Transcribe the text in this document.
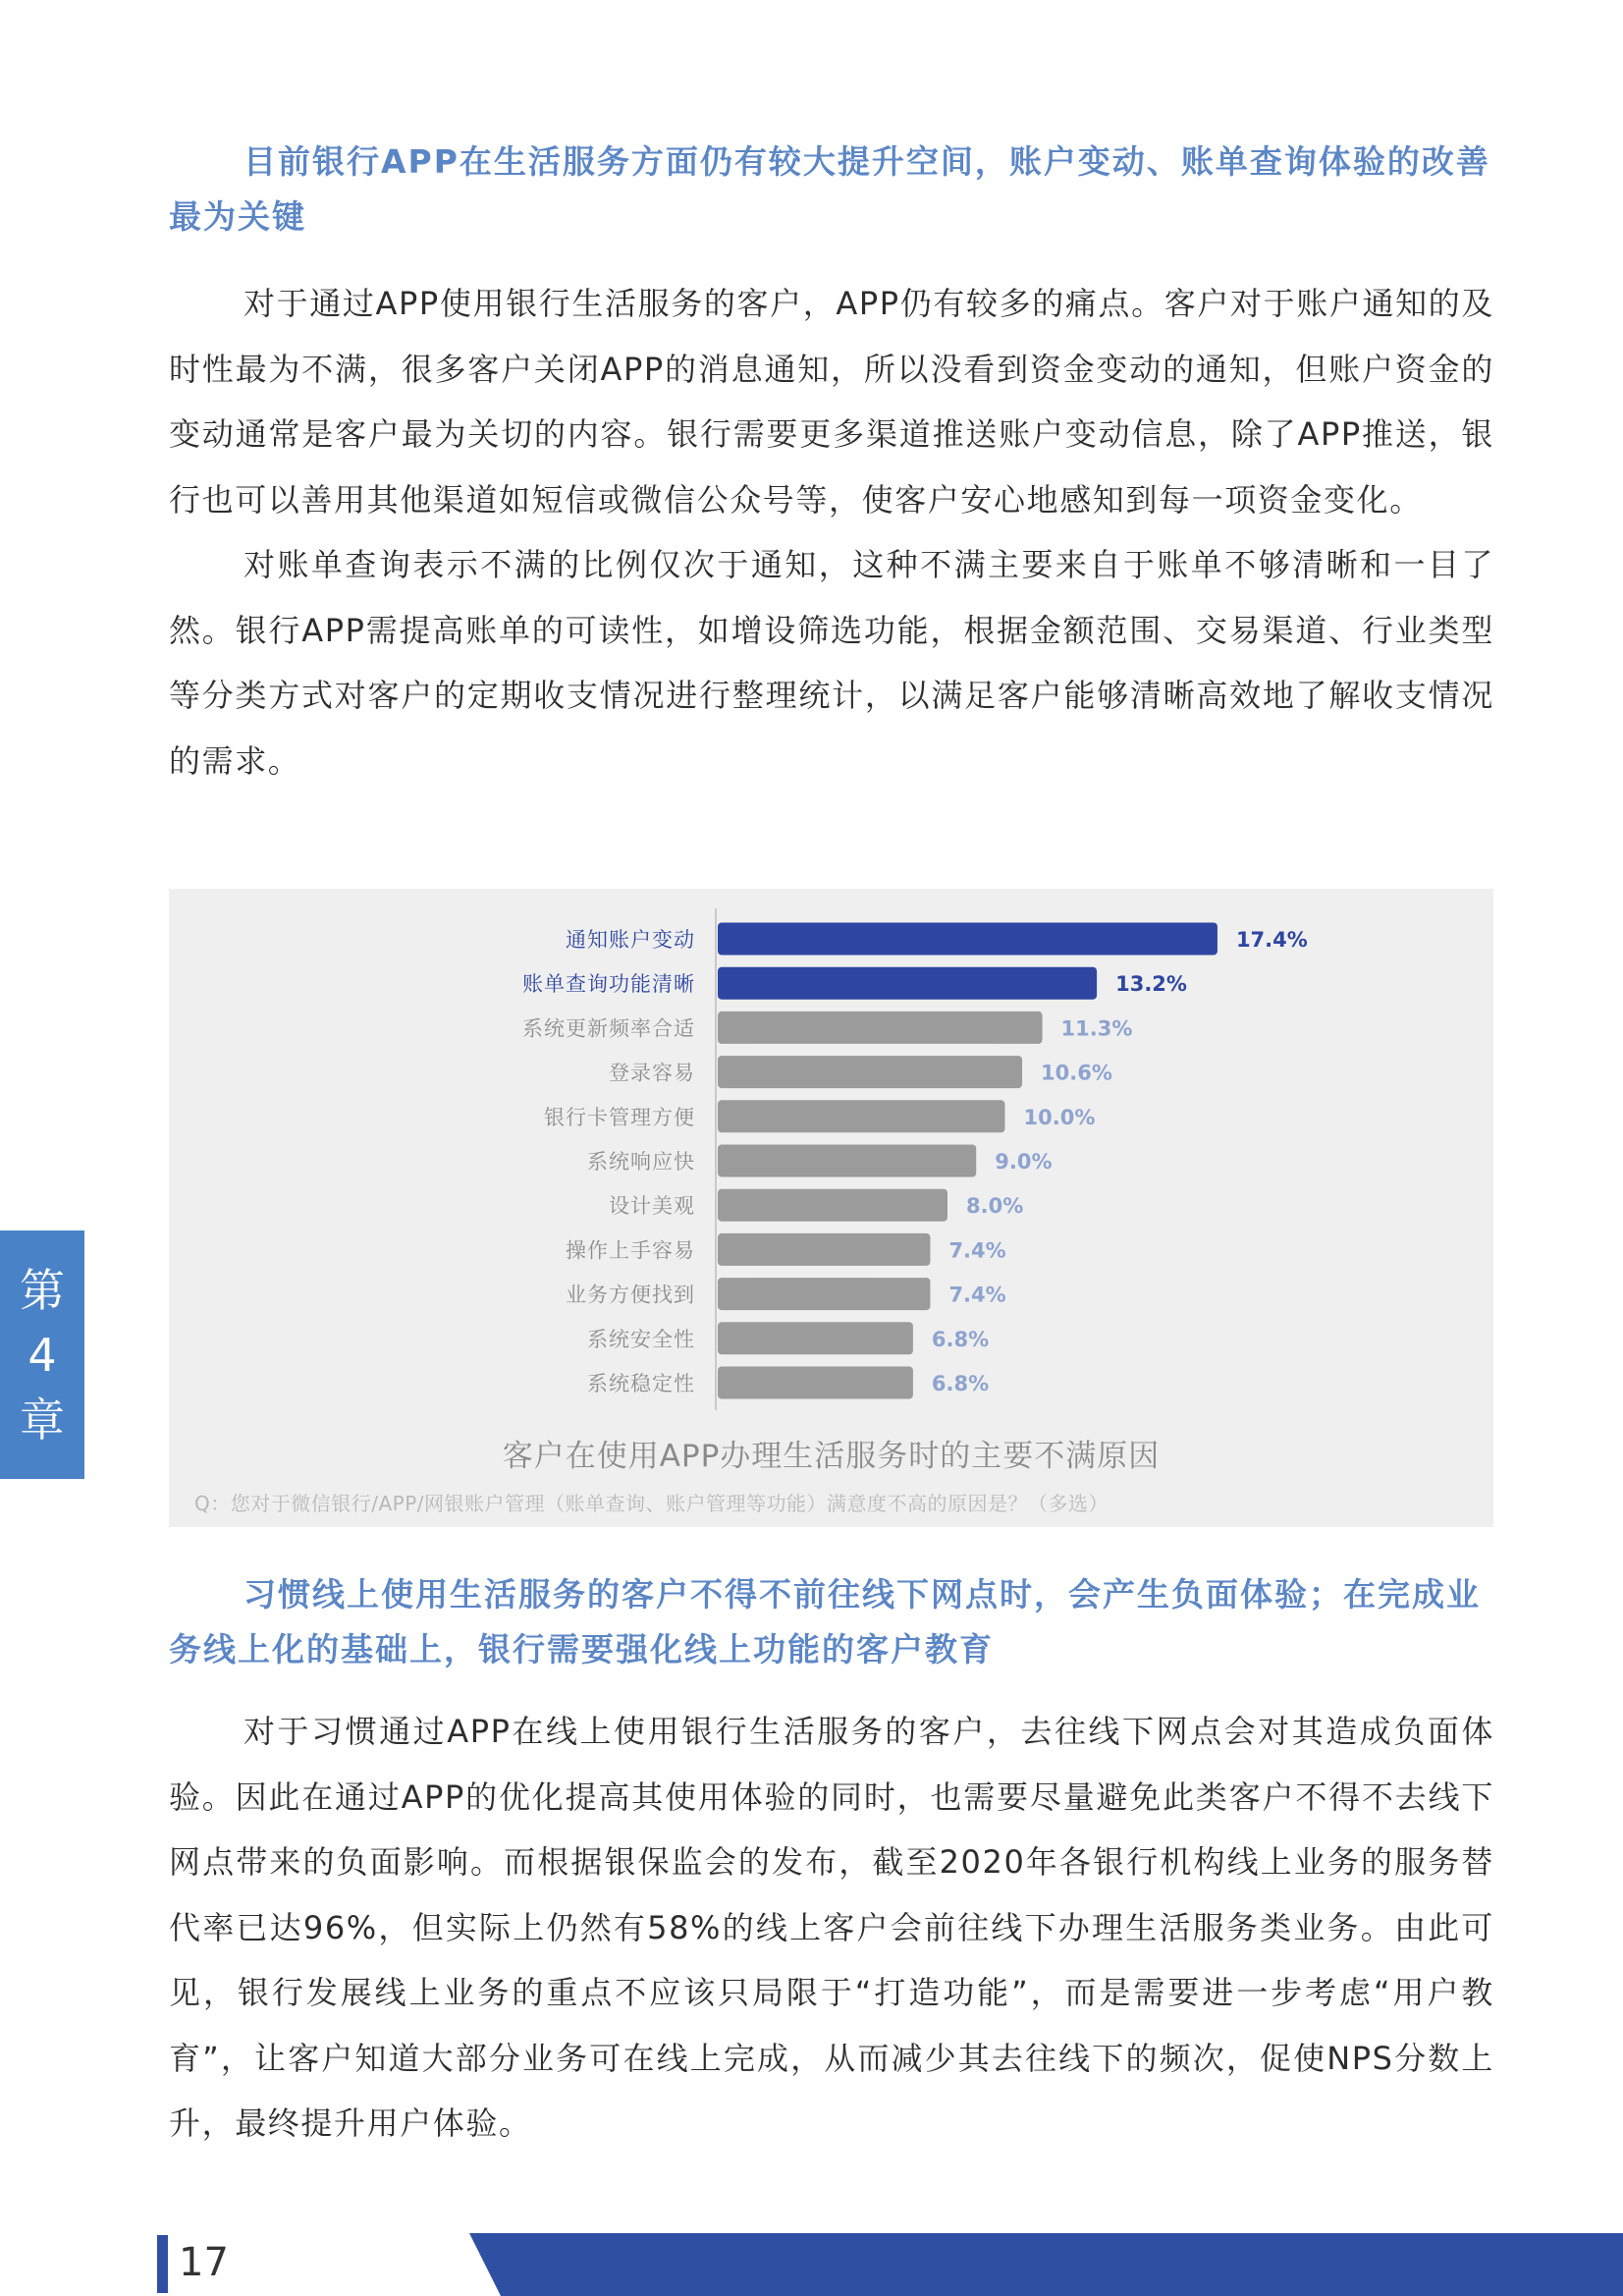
目前银行APP在生活服务方面仍有较大提升空间，账户变动、账单查询体验的改善最为关键

对于通过APP使用银行生活服务的客户，APP仍有较多的痛点。客户对于账户通知的及时性最为不满，很多客户关闭APP的消息通知，所以没看到资金变动的通知，但账户资金的变动通常是客户最为关切的内容。银行需要更多渠道推送账户变动信息，除了APP推送，银行也可以善用其他渠道如短信或微信公众号等，使客户安心地感知到每一项资金变化。

对账单查询表示不满的比例仅次于通知，这种不满主要来自于账单不够清晰和一目了然。银行APP需提高账单的可读性，如增设筛选功能，根据金额范围、交易渠道、行业类型等分类方式对客户的定期收支情况进行整理统计，以满足客户能够清晰高效地了解收支情况的需求。

通知账户变动	17.4%
账单查询功能清晰	13.2%
系统更新频率合适	11.3%
登录容易	10.6%
银行卡管理方便	10.0%
系统响应快	9.0%
设计美观	8.0%
操作上手容易	7.4%
业务方便找到	7.4%
系统安全性	6.8%
系统稳定性	6.8%
客户在使用APP办理生活服务时的主要不满原因
Q：您对于微信银行/APP/网银账户管理（账单查询、账户管理等功能）满意度不高的原因是？（多选）
习惯线上使用生活服务的客户不得不前往线下网点时，会产生负面体验；在完成业务线上化的基础上，银行需要强化线上功能的客户教育

对于习惯通过APP在线上使用银行生活服务的客户，去往线下网点会对其造成负面体验。因此在通过APP的优化提高其使用体验的同时，也需要尽量避免此类客户不得不去线下网点带来的负面影响。而根据银保监会的发布，截至2020年各银行机构线上业务的服务替代率已达96%，但实际上仍然有58%的线上客户会前往线下办理生活服务类业务。由此可见，银行发展线上业务的重点不应该只局限于“打造功能”，而是需要进一步考虑“用户教育”，让客户知道大部分业务可在线上完成，从而减少其去往线下的频次，促使NPS分数上升，最终提升用户体验。

第
4
章
17
